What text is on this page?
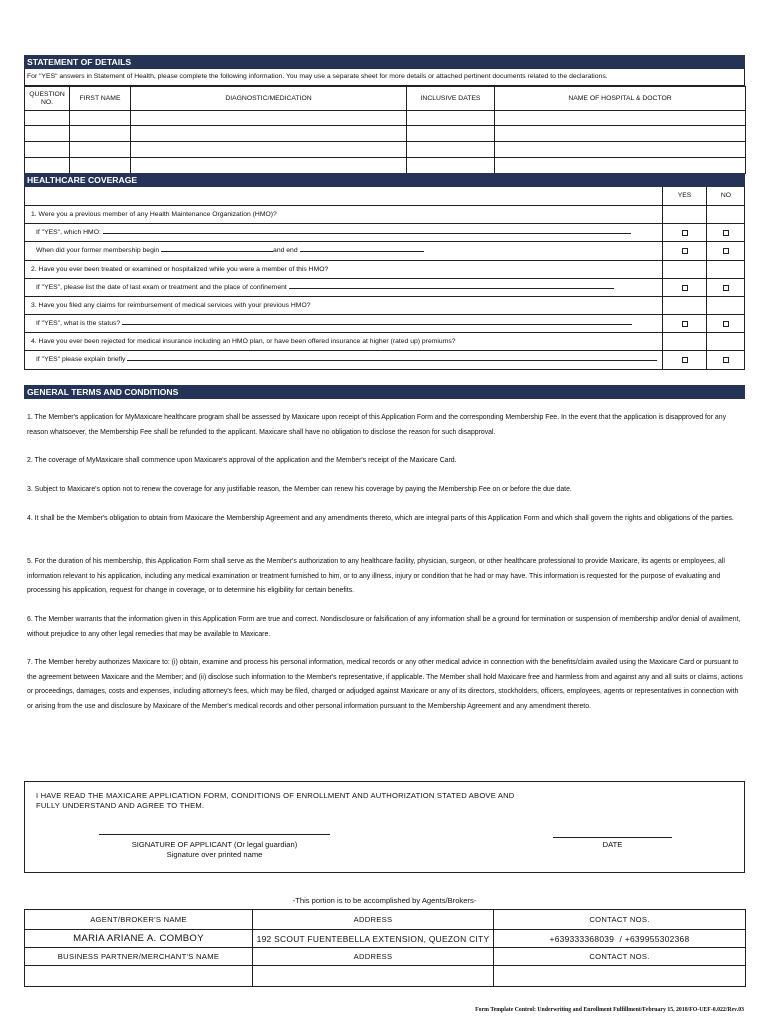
STATEMENT OF DETAILS
For "YES" answers in Statement of Health, please complete the following information. You may use a separate sheet for more details or attached pertinent documents related to the declarations.
QUESTION
NO.	FIRST NAME	DIAGNOSTIC/MEDICATION	INCLUSIVE DATES	NAME OF HOSPITAL & DOCTOR

HEALTHCARE COVERAGE
YES	NO
1. Were you a previous member of any Health Maintenance Organization (HMO)?
If "YES", which HMO:
When did your former membership begin	and end
2. Have you ever been treated or examined or hospitalized while you were a member of this HMO?
If "YES", please list the date of last exam or treatment and the place of confinement
3. Have you filed any claims for reimbursement of medical services with your previous HMO?
If "YES", what is the status?
4. Have you ever been rejected for medical insurance including an HMO plan, or have been offered insurance at higher (rated up) premiums?
If "YES" please explain briefly
GENERAL TERMS AND CONDITIONS

1. The Member's application for MyMaxicare healthcare program shall be assessed by Maxicare upon receipt of this Application Form and the corresponding Membership Fee. In the event that the application is disapproved for any reason whatsoever, the Membership Fee shall be refunded to the applicant. Maxicare shall have no obligation to disclose the reason for such disapproval.

2. The coverage of MyMaxicare shall commence upon Maxicare's approval of the application and the Member's receipt of the Maxicare Card.

3. Subject to Maxicare's option not to renew the coverage for any justifiable reason, the Member can renew his coverage by paying the Membership Fee on or before the due date.

4. It shall be the Member's obligation to obtain from Maxicare the Membership Agreement and any amendments thereto, which are integral parts of this Application Form and which shall govern the rights and obligations of the parties.

5. For the duration of his membership, this Application Form shall serve as the Member's authorization to any healthcare facility, physician, surgeon, or other healthcare professional to provide Maxicare, its agents or employees, all information relevant to his application, including any medical examination or treatment furnished to him, or to any illness, injury or condition that he had or may have. This information is requested for the purpose of evaluating and processing his application, request for change in coverage, or to determine his eligibility for certain benefits.

6. The Member warrants that the information given in this Application Form are true and correct. Nondisclosure or falsification of any information shall be a ground for termination or suspension of membership and/or denial of availment, without prejudice to any other legal remedies that may be available to Maxicare.

7. The Member hereby authorizes Maxicare to: (i) obtain, examine and process his personal information, medical records or any other medical advice in connection with the benefits/claim availed using the Maxicare Card or pursuant to the agreement between Maxicare and the Member; and (ii) disclose such information to the Member's representative, if applicable. The Member shall hold Maxicare free and harmless from and against any and all suits or claims, actions or proceedings, damages, costs and expenses, including attorney's fees, which may be filed, charged or adjudged against Maxicare or any of its directors, stockholders, officers, employees, agents or representatives in connection with or arising from the use and disclosure by Maxicare of the Member's medical records and other personal information pursuant to the Membership Agreement and any amendment thereto.

I HAVE READ THE MAXICARE APPLICATION FORM, CONDITIONS OF ENROLLMENT AND AUTHORIZATION STATED ABOVE AND FULLY UNDERSTAND AND AGREE TO THEM.
SIGNATURE OF APPLICANT (Or legal guardian)
Signature over printed name
DATE
-This portion is to be accomplished by Agents/Brokers-
AGENT/BROKER'S NAME	ADDRESS	CONTACT NOS.
MARIA ARIANE A. COMBOY	192 SCOUT FUENTEBELLA EXTENSION, QUEZON CITY	+639333368039 / +639955302368
BUSINESS PARTNER/MERCHANT'S NAME	ADDRESS	CONTACT NOS.

Form Template Control: Underwriting and Enrollment Fulfillment/February 15, 2018/FO-UEF-0.022/Rev.03
